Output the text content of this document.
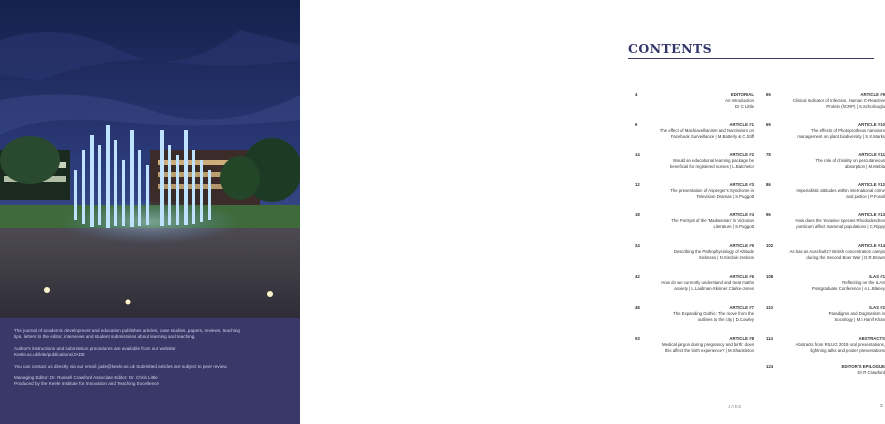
The journal of academic development and education publishes articles, case studies, papers, reviews, teaching
tips, letters to the editor, interviews and student submissions about learning and teaching.

Author's instructions and submission procedures are available from our website:
Keele.ac.uk/kite/publications/JADE

You can contact us directly via our email: jade@keele.ac.uk Submitted articles are subject to peer review.

Managing Editor: Dr. Russell Crawford Associate Editor: Dr. Chris Little
Produced by the Keele Institute for Innovation and Teaching Excellence

CONTENTS
4	EDITORIAL
An Introduction
Dr C Little
6	ARTICLE #1
The effect of Machiavellianism and Narcissism on
Facebook Surveillance | M.Batterly & C.Stiff
14	ARTICLE #2
Would an educational learning package be
beneficial for registered nurses | L.Batchelor
12	ARTICLE #3
The presentation of Asperger's Syndrome in
Television Dramas | S.Puggott
18	ARTICLE #4
The Portryal of the 'Madwoman' in Victorian
Literature | S.Puggott
24	ARTICLE #5
Describing the Pathophysiology of Altitude
Sickness | N.Sinclair-Jenkins
42	ARTICLE #6
How do we currently understand and treat maths
anxiety | L.Laidman-Skinner Clarke-Jones
48	ARTICLE #7
The Expanding Gothic: The move from the
outlines to the city | D.Cowley
53	ARTICLE #8
Medical jargon during pregnancy and birth: does
this affect the birth experience? | M.Shackleton
65	ARTICLE #9
Clinical Indicator of Infection, Human C-Reactive
Protein (hCRP) | S.Scholicoglu
69	ARTICLE #10
The effects of Photoprotheus nanosom
management on plant biodiversity | S.X.Marks
78	ARTICLE #11
The role of chirality on percutaneous
absorption | M.Mebla
86	ARTICLE #12
Imperialistic attitudes within international crime
and justice | P.Fossil
96	ARTICLE #13
How does the 'Invasive species Rhododendron
ponticum affect mammal populations | C.Rippy
102	ARTICLE #14
As bas as Auschwitz? British concentration camps
during the Second Boer War | O.R.Brown
108	ILAS #1
Reflecting on the ILAS
Postgraduate Conference | A.L.Blaney
110	ILAS #2
Paradigms and Dogmatism in
Sociology | M.I.Hanif Khan
114	ABSTRACTS
Abstracts from RILUG 2019 oral presentations,
lightning talks and poster presentations
124	EDITOR'S EPILOGUE
Dr R Crawford
JADE	3
